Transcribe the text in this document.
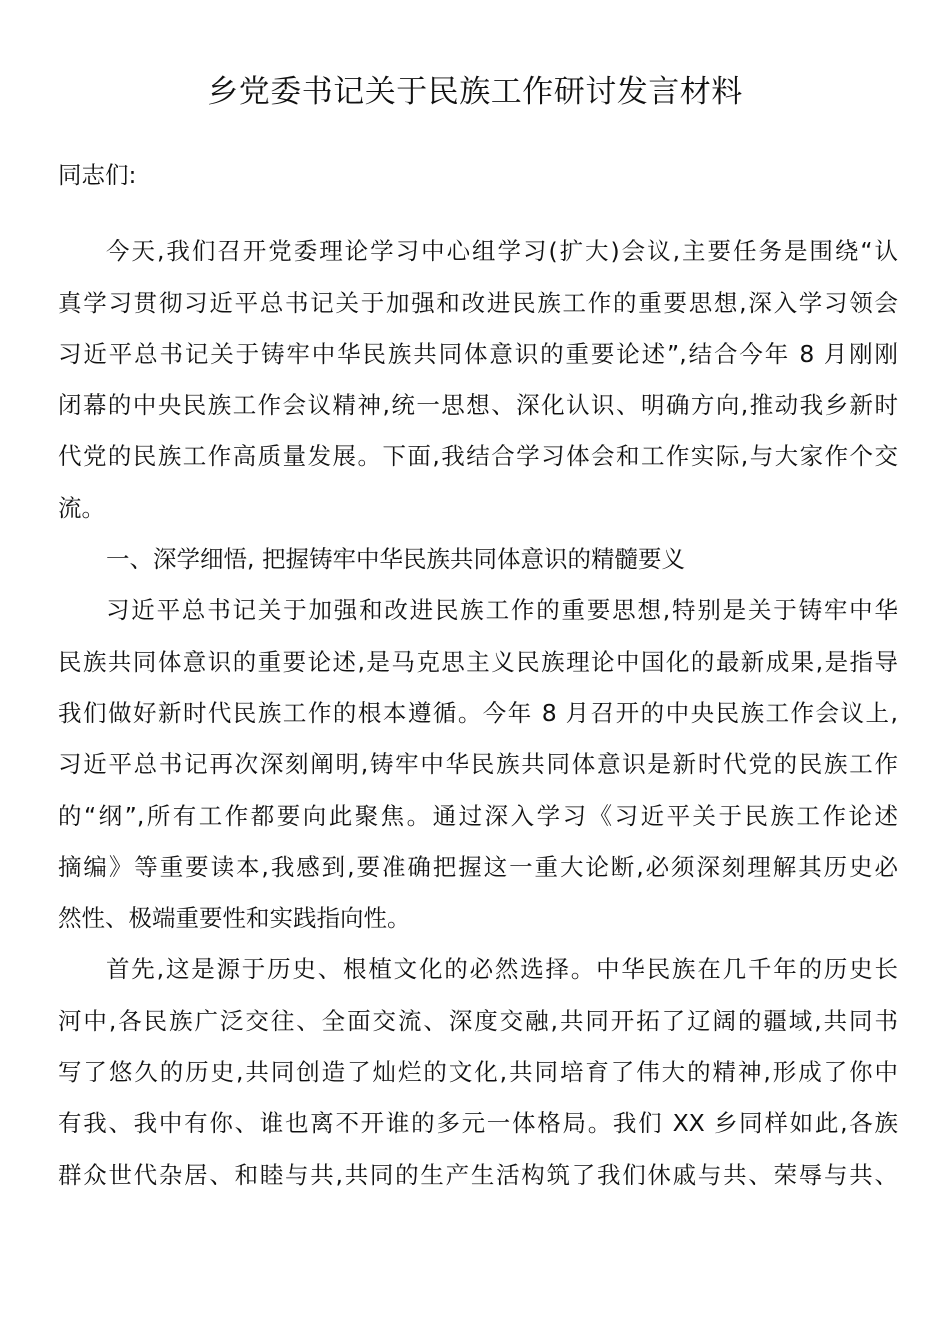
乡党委书记关于民族工作研讨发言材料
同志们:
今天,我们召开党委理论学习中心组学习(扩大)会议,主要任务是围绕“认
真学习贯彻习近平总书记关于加强和改进民族工作的重要思想,深入学习领会
习近平总书记关于铸牢中华民族共同体意识的重要论述”,结合今年 8 月刚刚
闭幕的中央民族工作会议精神,统一思想、深化认识、明确方向,推动我乡新时
代党的民族工作高质量发展。下面,我结合学习体会和工作实际,与大家作个交
流。
一、深学细悟, 把握铸牢中华民族共同体意识的精髓要义
习近平总书记关于加强和改进民族工作的重要思想,特别是关于铸牢中华
民族共同体意识的重要论述,是马克思主义民族理论中国化的最新成果,是指导
我们做好新时代民族工作的根本遵循。今年 8 月召开的中央民族工作会议上,
习近平总书记再次深刻阐明,铸牢中华民族共同体意识是新时代党的民族工作
的“纲”,所有工作都要向此聚焦。通过深入学习《习近平关于民族工作论述
摘编》等重要读本,我感到,要准确把握这一重大论断,必须深刻理解其历史必
然性、极端重要性和实践指向性。
首先,这是源于历史、根植文化的必然选择。中华民族在几千年的历史长
河中,各民族广泛交往、全面交流、深度交融,共同开拓了辽阔的疆域,共同书
写了悠久的历史,共同创造了灿烂的文化,共同培育了伟大的精神,形成了你中
有我、我中有你、谁也离不开谁的多元一体格局。我们 XX 乡同样如此,各族
群众世代杂居、和睦与共,共同的生产生活构筑了我们休戚与共、荣辱与共、
